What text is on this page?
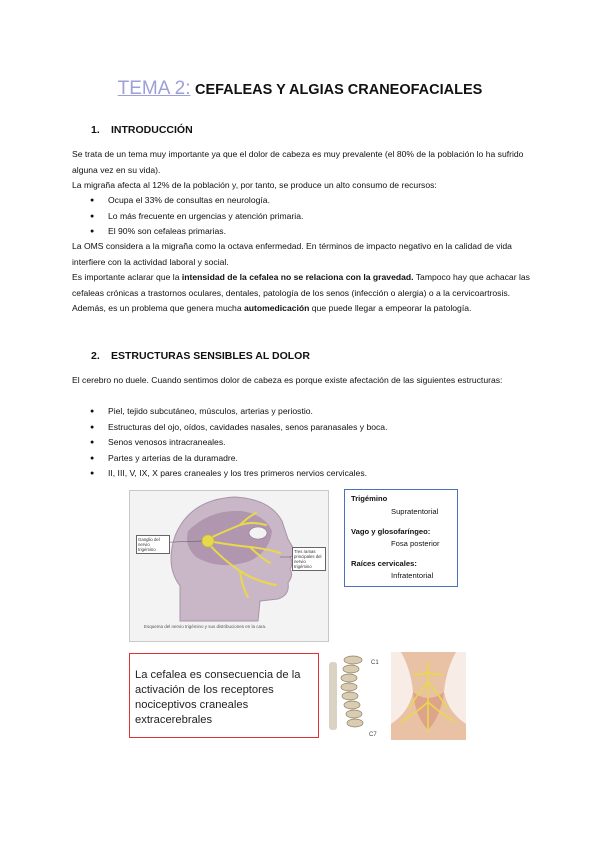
TEMA 2: CEFALEAS Y ALGIAS CRANEOFACIALES
1. INTRODUCCIÓN

Se trata de un tema muy importante ya que el dolor de cabeza es muy prevalente (el 80% de la población lo ha sufrido alguna vez en su vida).

La migraña afecta al 12% de la población y, por tanto, se produce un alto consumo de recursos:

● Ocupa el 33% de consultas en neurología.
● Lo más frecuente en urgencias y atención primaria.
● El 90% son cefaleas primarias.

La OMS considera a la migraña como la octava enfermedad. En términos de impacto negativo en la calidad de vida interfiere con la actividad laboral y social.

Es importante aclarar que la intensidad de la cefalea no se relaciona con la gravedad. Tampoco hay que achacar las cefaleas crónicas a trastornos oculares, dentales, patología de los senos (infección o alergia) o a la cervicoartrosis. Además, es un problema que genera mucha automedicación que puede llegar a empeorar la patología.

2. ESTRUCTURAS SENSIBLES AL DOLOR

El cerebro no duele. Cuando sentimos dolor de cabeza es porque existe afectación de las siguientes estructuras:

● Piel, tejido subcutáneo, músculos, arterias y periostio.
● Estructuras del ojo, oídos, cavidades nasales, senos paranasales y boca.
● Senos venosos intracraneales.
● Partes y arterias de la duramadre.
● II, III, V, IX, X pares craneales y los tres primeros nervios cervicales.
Ganglio del nervio trigémino	Tres ramas principales del nervio trigémino
Esquema del nervio trigémino y sus distribuciones en la cara.
Trigémino
Supratentorial
Vago y glosofaríngeo:
Fosa posterior
Raíces cervicales:
Infratentorial

La cefalea es consecuencia de la activación de los receptores nociceptivos craneales extracerebrales

C1
C7
